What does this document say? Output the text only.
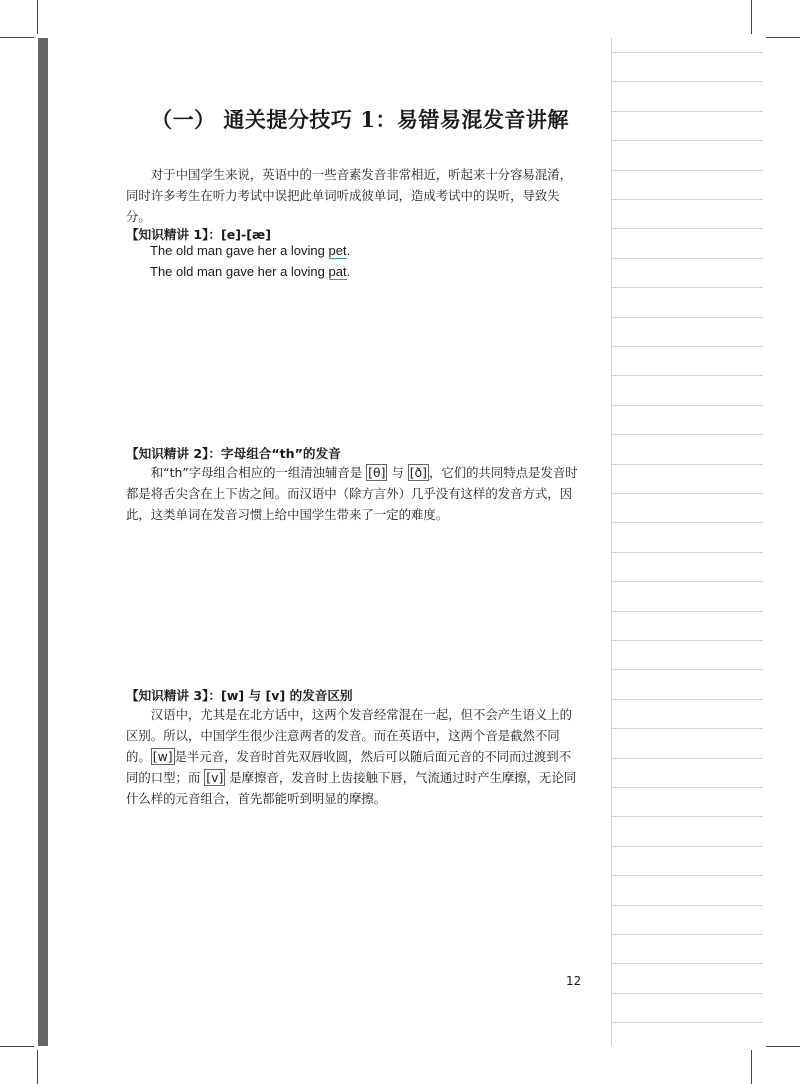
（一） 通关提分技巧 1：易错易混发音讲解
对于中国学生来说，英语中的一些音素发音非常相近，听起来十分容易混淆，同时许多考生在听力考试中误把此单词听成彼单词，造成考试中的误听，导致失分。
【知识精讲 1】：[e]-[æ]
The old man gave her a loving pet.
The old man gave her a loving pat.
【知识精讲 2】：字母组合“th”的发音
和“th”字母组合相应的一组清浊辅音是 [θ] 与 [ð] ，它们的共同特点是发音时都是将舌尖含在上下齿之间。而汉语中（除方言外）几乎没有这样的发音方式，因此，这类单词在发音习惯上给中国学生带来了一定的难度。
【知识精讲 3】：[w] 与 [v] 的发音区别
汉语中，尤其是在北方话中，这两个发音经常混在一起，但不会产生语义上的区别。所以，中国学生很少注意两者的发音。而在英语中，这两个音是截然不同的。 [w] 是半元音，发音时首先双唇收圆，然后可以随后面元音的不同而过渡到不同的口型；而 [v] 是摩擦音，发音时上齿接触下唇，气流通过时产生摩擦，无论同什么样的元音组合，首先都能听到明显的摩擦。
12
